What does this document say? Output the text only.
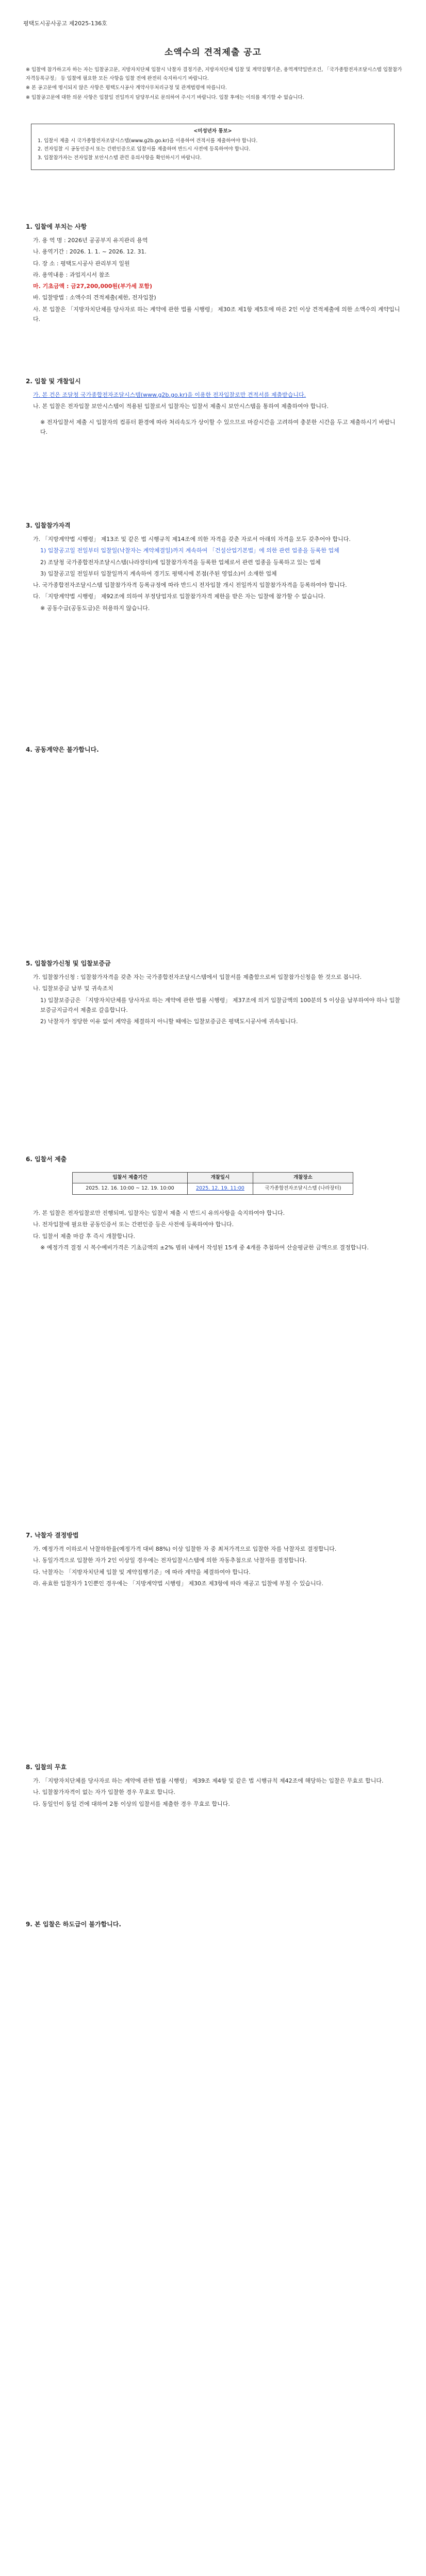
평택도시공사공고 제2025-136호
소액수의 견적제출 공고

※ 입찰에 참가하고자 하는 자는 입찰공고문, 지방자치단체 입찰시 낙찰자 결정기준, 지방자치단체 입찰 및 계약집행기준, 용역계약일반조건, 「국가종합전자조달시스템 입찰참가자격등록규정」 등 입찰에 필요한 모든 사항을 입찰 전에 완전히 숙지하시기 바랍니다.

※ 본 공고문에 명시되지 않은 사항은 평택도시공사 계약사무처리규정 및 관계법령에 따릅니다.

※ 입찰공고문에 대한 의문 사항은 입찰일 전일까지 담당부서로 문의하여 주시기 바랍니다. 입찰 후에는 이의를 제기할 수 없습니다.

<미성년자 통보>

1. 입찰서 제출 시 국가종합전자조달시스템(www.g2b.go.kr)을 이용하여 견적서를 제출하여야 합니다.

2. 전자입찰 시 공동인증서 또는 간편인증으로 입찰서를 제출하며 반드시 사전에 등록하여야 합니다.

3. 입찰참가자는 전자입찰 보안시스템 관련 유의사항을 확인하시기 바랍니다.

1. 입찰에 부치는 사항

가. 용 역 명 : 2026년 공공부지 유지관리 용역

나. 용역기간 : 2026. 1. 1. ~ 2026. 12. 31.

다. 장 소 : 평택도시공사 관리부지 일원

라. 용역내용 : 과업지시서 참조

마. 기초금액 : 금27,200,000원(부가세 포함)

바. 입찰방법 : 소액수의 견적제출(제한, 전자입찰)

사. 본 입찰은 「지방자치단체를 당사자로 하는 계약에 관한 법률 시행령」 제30조 제1항 제5호에 따른 2인 이상 견적제출에 의한 소액수의 계약입니다.

2. 입찰 및 개찰일시

가. 본 건은 조달청 국가종합전자조달시스템(www.g2b.go.kr)을 이용한 전자입찰로만 견적서를 제출받습니다.

나. 본 입찰은 전자입찰 보안시스템이 적용된 입찰로서 입찰자는 입찰서 제출시 보안시스템을 통하여 제출하여야 합니다.

※ 전자입찰서 제출 시 입찰자의 컴퓨터 환경에 따라 처리속도가 상이할 수 있으므로 마감시간을 고려하여 충분한 시간을 두고 제출하시기 바랍니다.

3. 입찰참가자격

가. 「지방계약법 시행령」 제13조 및 같은 법 시행규칙 제14조에 의한 자격을 갖춘 자로서 아래의 자격을 모두 갖추어야 합니다.

1) 입찰공고일 전일부터 입찰일(낙찰자는 계약체결일)까지 계속하여 「건설산업기본법」에 의한 관련 업종을 등록한 업체

2) 조달청 국가종합전자조달시스템(나라장터)에 입찰참가자격을 등록한 업체로서 관련 업종을 등록하고 있는 업체

3) 입찰공고일 전일부터 입찰일까지 계속하여 경기도 평택시에 본점(주된 영업소)이 소재한 업체

나. 국가종합전자조달시스템 입찰참가자격 등록규정에 따라 반드시 전자입찰 개시 전일까지 입찰참가자격을 등록하여야 합니다.

다. 「지방계약법 시행령」 제92조에 의하여 부정당업자로 입찰참가자격 제한을 받은 자는 입찰에 참가할 수 없습니다.

※ 공동수급(공동도급)은 허용하지 않습니다.

4. 공동계약은 불가합니다.
5. 입찰참가신청 및 입찰보증금

가. 입찰참가신청 : 입찰참가자격을 갖춘 자는 국가종합전자조달시스템에서 입찰서를 제출함으로써 입찰참가신청을 한 것으로 봅니다.

나. 입찰보증금 납부 및 귀속조치

1) 입찰보증금은 「지방자치단체를 당사자로 하는 계약에 관한 법률 시행령」 제37조에 의거 입찰금액의 100분의 5 이상을 납부하여야 하나 입찰보증금지급각서 제출로 갈음합니다.

2) 낙찰자가 정당한 이유 없이 계약을 체결하지 아니할 때에는 입찰보증금은 평택도시공사에 귀속됩니다.

6. 입찰서 제출
입찰서 제출기간	개찰일시	개찰장소
2025. 12. 16. 10:00 ~ 12. 19. 10:00	2025. 12. 19. 11:00	국가종합전자조달시스템 (나라장터)

가. 본 입찰은 전자입찰로만 진행되며, 입찰자는 입찰서 제출 시 반드시 유의사항을 숙지하여야 합니다.

나. 전자입찰에 필요한 공동인증서 또는 간편인증 등은 사전에 등록하여야 합니다.

다. 입찰서 제출 마감 후 즉시 개찰합니다.

※ 예정가격 결정 시 복수예비가격은 기초금액의 ±2% 범위 내에서 작성된 15개 중 4개를 추첨하여 산술평균한 금액으로 결정합니다.

7. 낙찰자 결정방법

가. 예정가격 이하로서 낙찰하한율(예정가격 대비 88%) 이상 입찰한 자 중 최저가격으로 입찰한 자를 낙찰자로 결정합니다.

나. 동일가격으로 입찰한 자가 2인 이상일 경우에는 전자입찰시스템에 의한 자동추첨으로 낙찰자를 결정합니다.

다. 낙찰자는 「지방자치단체 입찰 및 계약집행기준」에 따라 계약을 체결하여야 합니다.

라. 유효한 입찰자가 1인뿐인 경우에는 「지방계약법 시행령」 제30조 제3항에 따라 재공고 입찰에 부칠 수 있습니다.

8. 입찰의 무효

가. 「지방자치단체를 당사자로 하는 계약에 관한 법률 시행령」 제39조 제4항 및 같은 법 시행규칙 제42조에 해당하는 입찰은 무효로 합니다.

나. 입찰참가자격이 없는 자가 입찰한 경우 무효로 합니다.

다. 동일인이 동일 건에 대하여 2통 이상의 입찰서를 제출한 경우 무효로 합니다.

9. 본 입찰은 하도급이 불가합니다.
